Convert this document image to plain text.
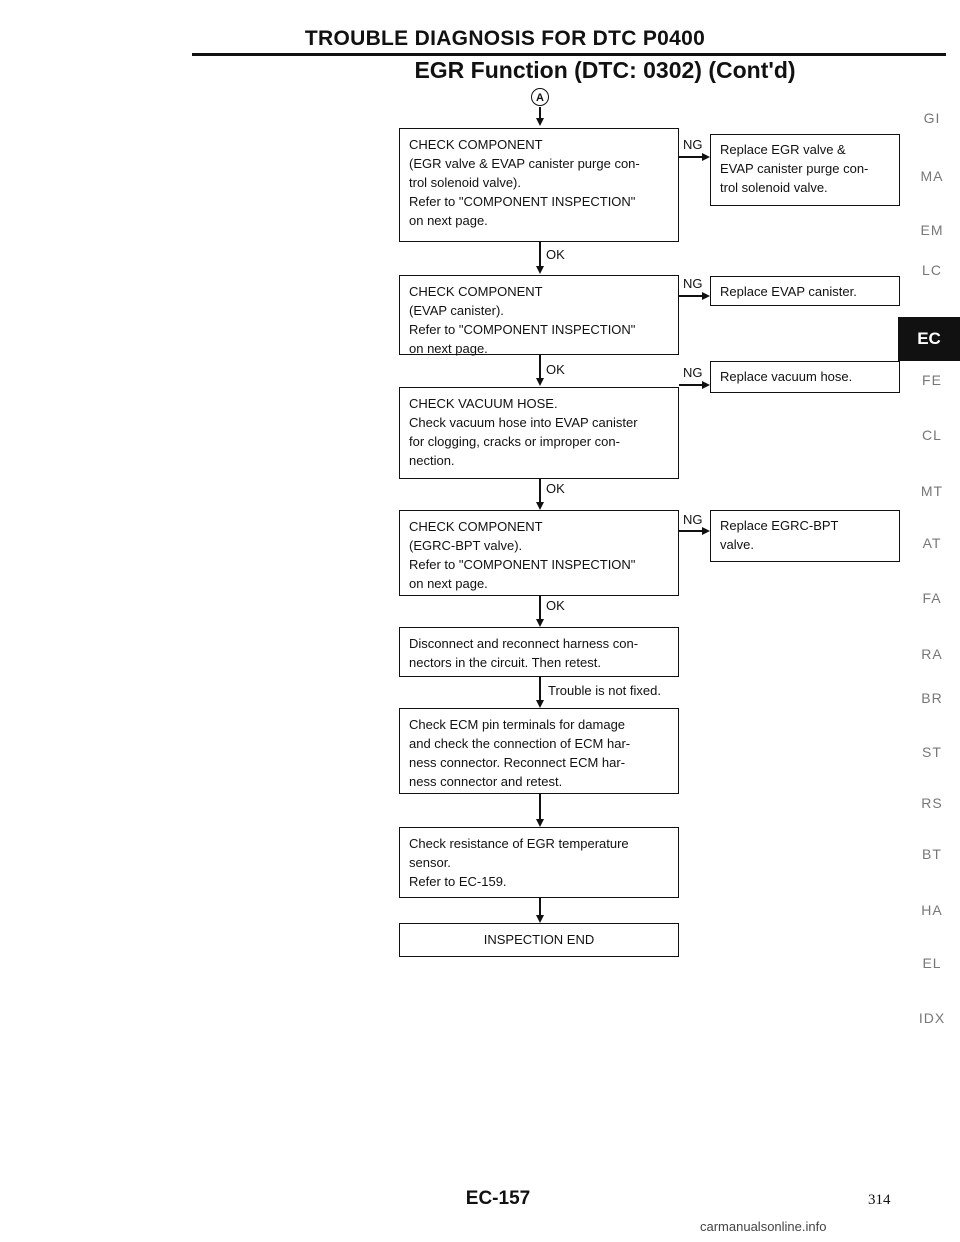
TROUBLE DIAGNOSIS FOR DTC P0400
EGR Function (DTC: 0302) (Cont'd)
A
CHECK COMPONENT
(EGR valve & EVAP canister purge con-
trol solenoid valve).
Refer to "COMPONENT INSPECTION"
on next page.
NG	Replace EGR valve &
EVAP canister purge con-
trol solenoid valve.
OK
CHECK COMPONENT
(EVAP canister).
Refer to "COMPONENT INSPECTION"
on next page.
NG
Replace EVAP canister.
OK
CHECK VACUUM HOSE.
Check vacuum hose into EVAP canister
for clogging, cracks or improper con-
nection.
NG	Replace vacuum hose.
OK
CHECK COMPONENT
(EGRC-BPT valve).
Refer to "COMPONENT INSPECTION"
on next page.
NG	Replace EGRC-BPT
valve.
OK
Disconnect and reconnect harness con-
nectors in the circuit. Then retest.
Trouble is not fixed.
Check ECM pin terminals for damage
and check the connection of ECM har-
ness connector. Reconnect ECM har-
ness connector and retest.
Check resistance of EGR temperature
sensor.
Refer to EC-159.
INSPECTION END
GI
MA
EM
LC
EC
FE
CL
MT
AT
FA
RA
BR
ST
RS
BT
HA
EL
IDX
EC-157	314
carmanualsonline.info
